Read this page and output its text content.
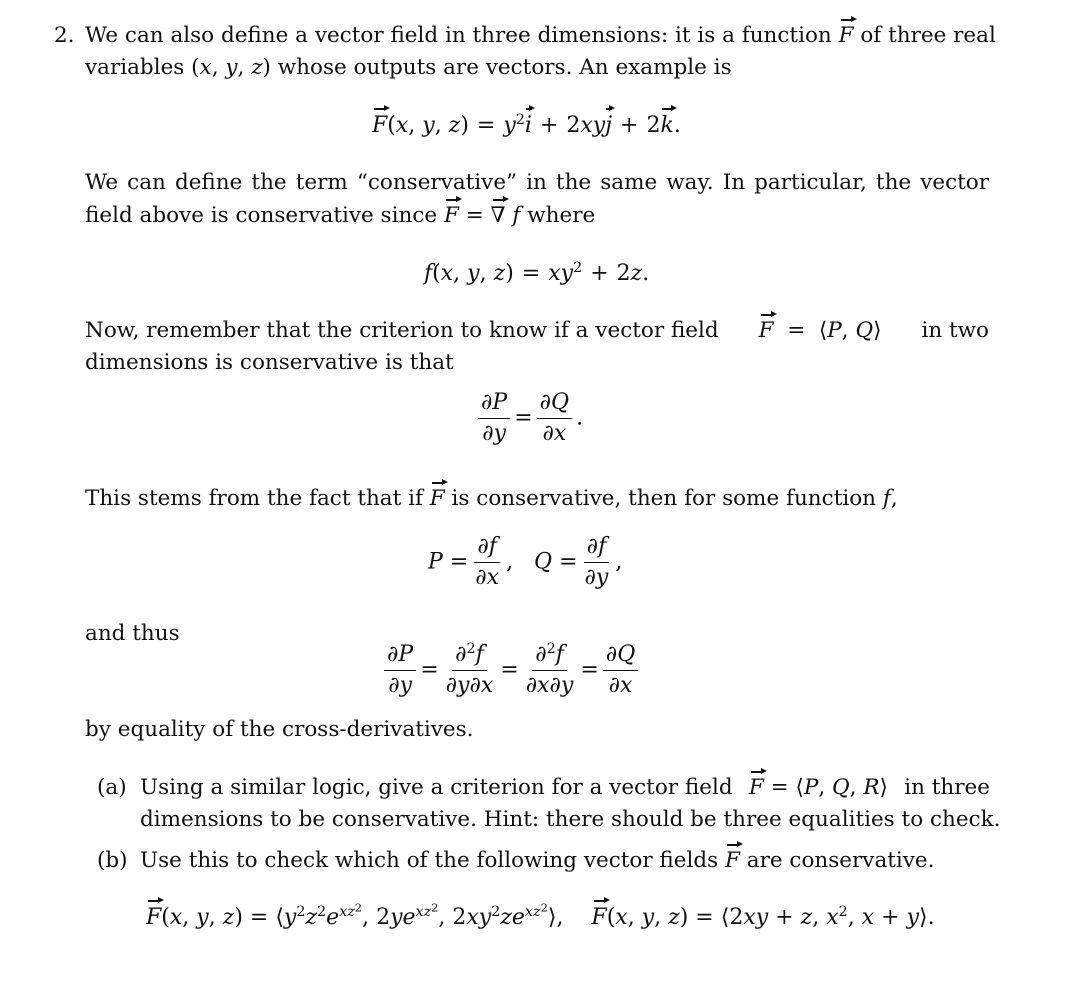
2. We can also define a vector field in three dimensions: it is a function F of three real
variables (x, y, z) whose outputs are vectors. An example is
F(x, y, $z) = y^2i + 2xyj + 2k$.
We can define the term “conservative” in the same way. In particular, the vector
field above is conservative since F = ∇ f where
f(x, y, $z) = xy^2 + 2z$.
Now, remember that the criterion to know if a vector field F  =  ⟨P, Q⟩ in two
dimensions is conservative is that
$\frac{\partial P}{\partial y} = \frac{\partial Q}{\partial x}$ .
This stems from the fact that if F is conservative, then for some function f,
$P = \frac{\partial f}{\partial x}$ ,   $Q = \frac{\partial f}{\partial y}$ ,
and thus
$\frac{\partial P}{\partial y} = \frac{\partial^2f}{\partial y\partial x} = \frac{\partial^2f}{\partial x\partial y} = \frac{\partial Q}{\partial x}$
by equality of the cross-derivatives.
(a) Using a similar logic, give a criterion for a vector field F = ⟨P, Q, R⟩ in three
dimensions to be conservative. Hint: there should be three equalities to check.
(b) Use this to check which of the following vector fields F are conservative.
F(x, y, $z) = ⟨y^2z^2e^{xz^2}$, $2ye^{xz^2}$, $2xy^2ze^{xz^2}⟩$, F(x, y, z) = ⟨2xy + z, $x^2$, x + y⟩.
